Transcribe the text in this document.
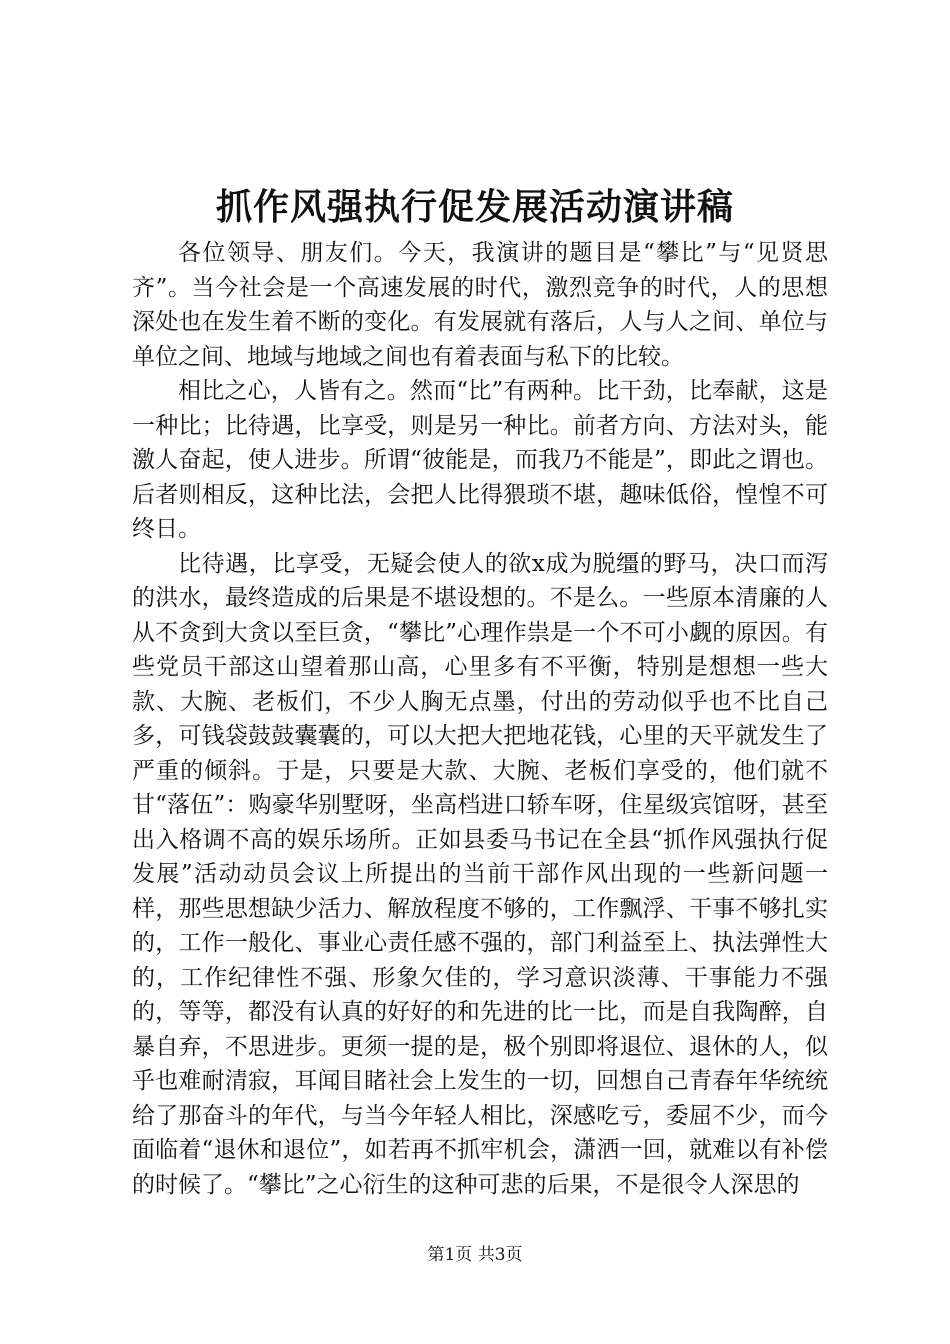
抓作风强执行促发展活动演讲稿

各位领导、朋友们。今天，我演讲的题目是“攀比”与“见贤思齐”。当今社会是一个高速发展的时代，激烈竞争的时代，人的思想深处也在发生着不断的变化。有发展就有落后，人与人之间、单位与单位之间、地域与地域之间也有着表面与私下的比较。

相比之心，人皆有之。然而“比”有两种。比干劲，比奉献，这是一种比；比待遇，比享受，则是另一种比。前者方向、方法对头，能激人奋起，使人进步。所谓“彼能是，而我乃不能是”，即此之谓也。后者则相反，这种比法，会把人比得猥琐不堪，趣味低俗，惶惶不可终日。

比待遇，比享受，无疑会使人的欲x成为脱缰的野马，决口而泻的洪水，最终造成的后果是不堪设想的。不是么。一些原本清廉的人从不贪到大贪以至巨贪，“攀比”心理作祟是一个不可小觑的原因。有些党员干部这山望着那山高，心里多有不平衡，特别是想想一些大款、大腕、老板们，不少人胸无点墨，付出的劳动似乎也不比自己多，可钱袋鼓鼓囊囊的，可以大把大把地花钱，心里的天平就发生了严重的倾斜。于是，只要是大款、大腕、老板们享受的，他们就不甘“落伍”：购豪华别墅呀，坐高档进口轿车呀，住星级宾馆呀，甚至出入格调不高的娱乐场所。正如县委马书记在全县“抓作风强执行促发展”活动动员会议上所提出的当前干部作风出现的一些新问题一样，那些思想缺少活力、解放程度不够的，工作飘浮、干事不够扎实的，工作一般化、事业心责任感不强的，部门利益至上、执法弹性大的，工作纪律性不强、形象欠佳的，学习意识淡薄、干事能力不强的，等等，都没有认真的好好的和先进的比一比，而是自我陶醉，自暴自弃，不思进步。更须一提的是，极个别即将退位、退休的人，似乎也难耐清寂，耳闻目睹社会上发生的一切，回想自己青春年华统统给了那奋斗的年代，与当今年轻人相比，深感吃亏，委屈不少，而今面临着“退休和退位”，如若再不抓牢机会，潇洒一回，就难以有补偿的时候了。“攀比”之心衍生的这种可悲的后果，不是很令人深思的

第1页 共3页
